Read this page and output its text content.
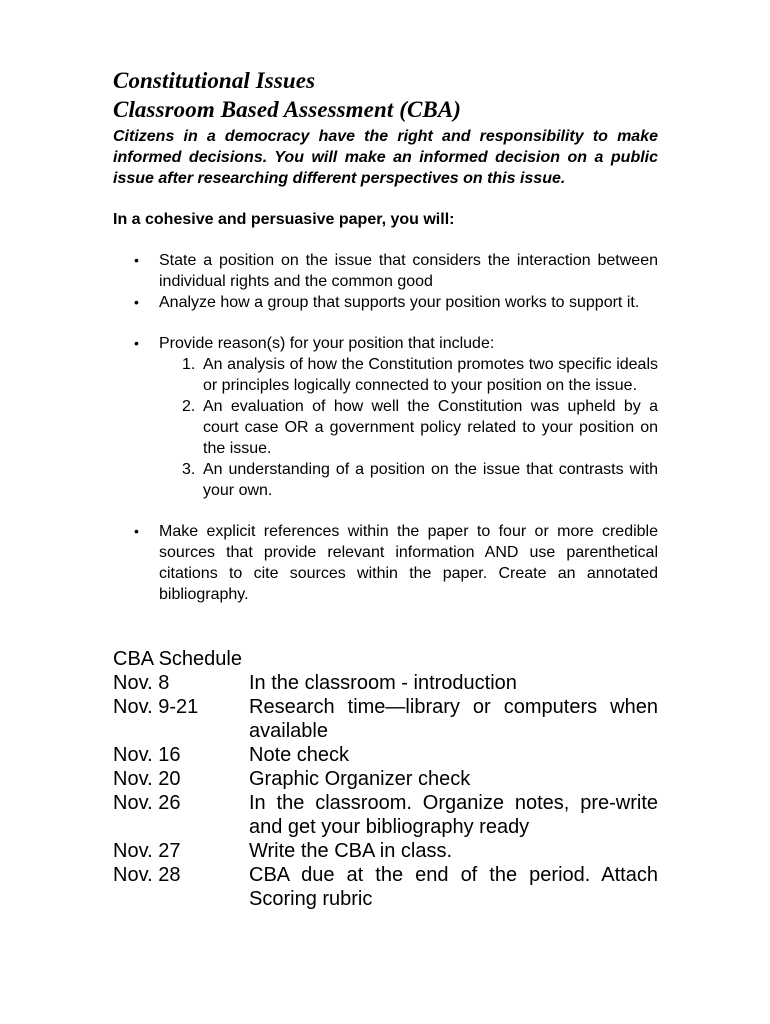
Constitutional Issues
Classroom Based Assessment (CBA)

Citizens in a democracy have the right and responsibility to make informed decisions. You will make an informed decision on a public issue after researching different perspectives on this issue.

In a cohesive and persuasive paper, you will:

• State a position on the issue that considers the interaction between individual rights and the common good
• Analyze how a group that supports your position works to support it.
• Provide reason(s) for your position that include:
1. An analysis of how the Constitution promotes two specific ideals or principles logically connected to your position on the issue.
2. An evaluation of how well the Constitution was upheld by a court case OR a government policy related to your position on the issue.
3. An understanding of a position on the issue that contrasts with your own.
• Make explicit references within the paper to four or more credible sources that provide relevant information AND use parenthetical citations to cite sources within the paper. Create an annotated bibliography.

CBA Schedule

Nov. 8	In the classroom - introduction
Nov. 9-21	Research time—library or computers when available
Nov. 16	Note check
Nov. 20	Graphic Organizer check
Nov. 26	In the classroom. Organize notes, pre-write and get your bibliography ready
Nov. 27	Write the CBA in class.
Nov. 28	CBA due at the end of the period. Attach Scoring rubric
